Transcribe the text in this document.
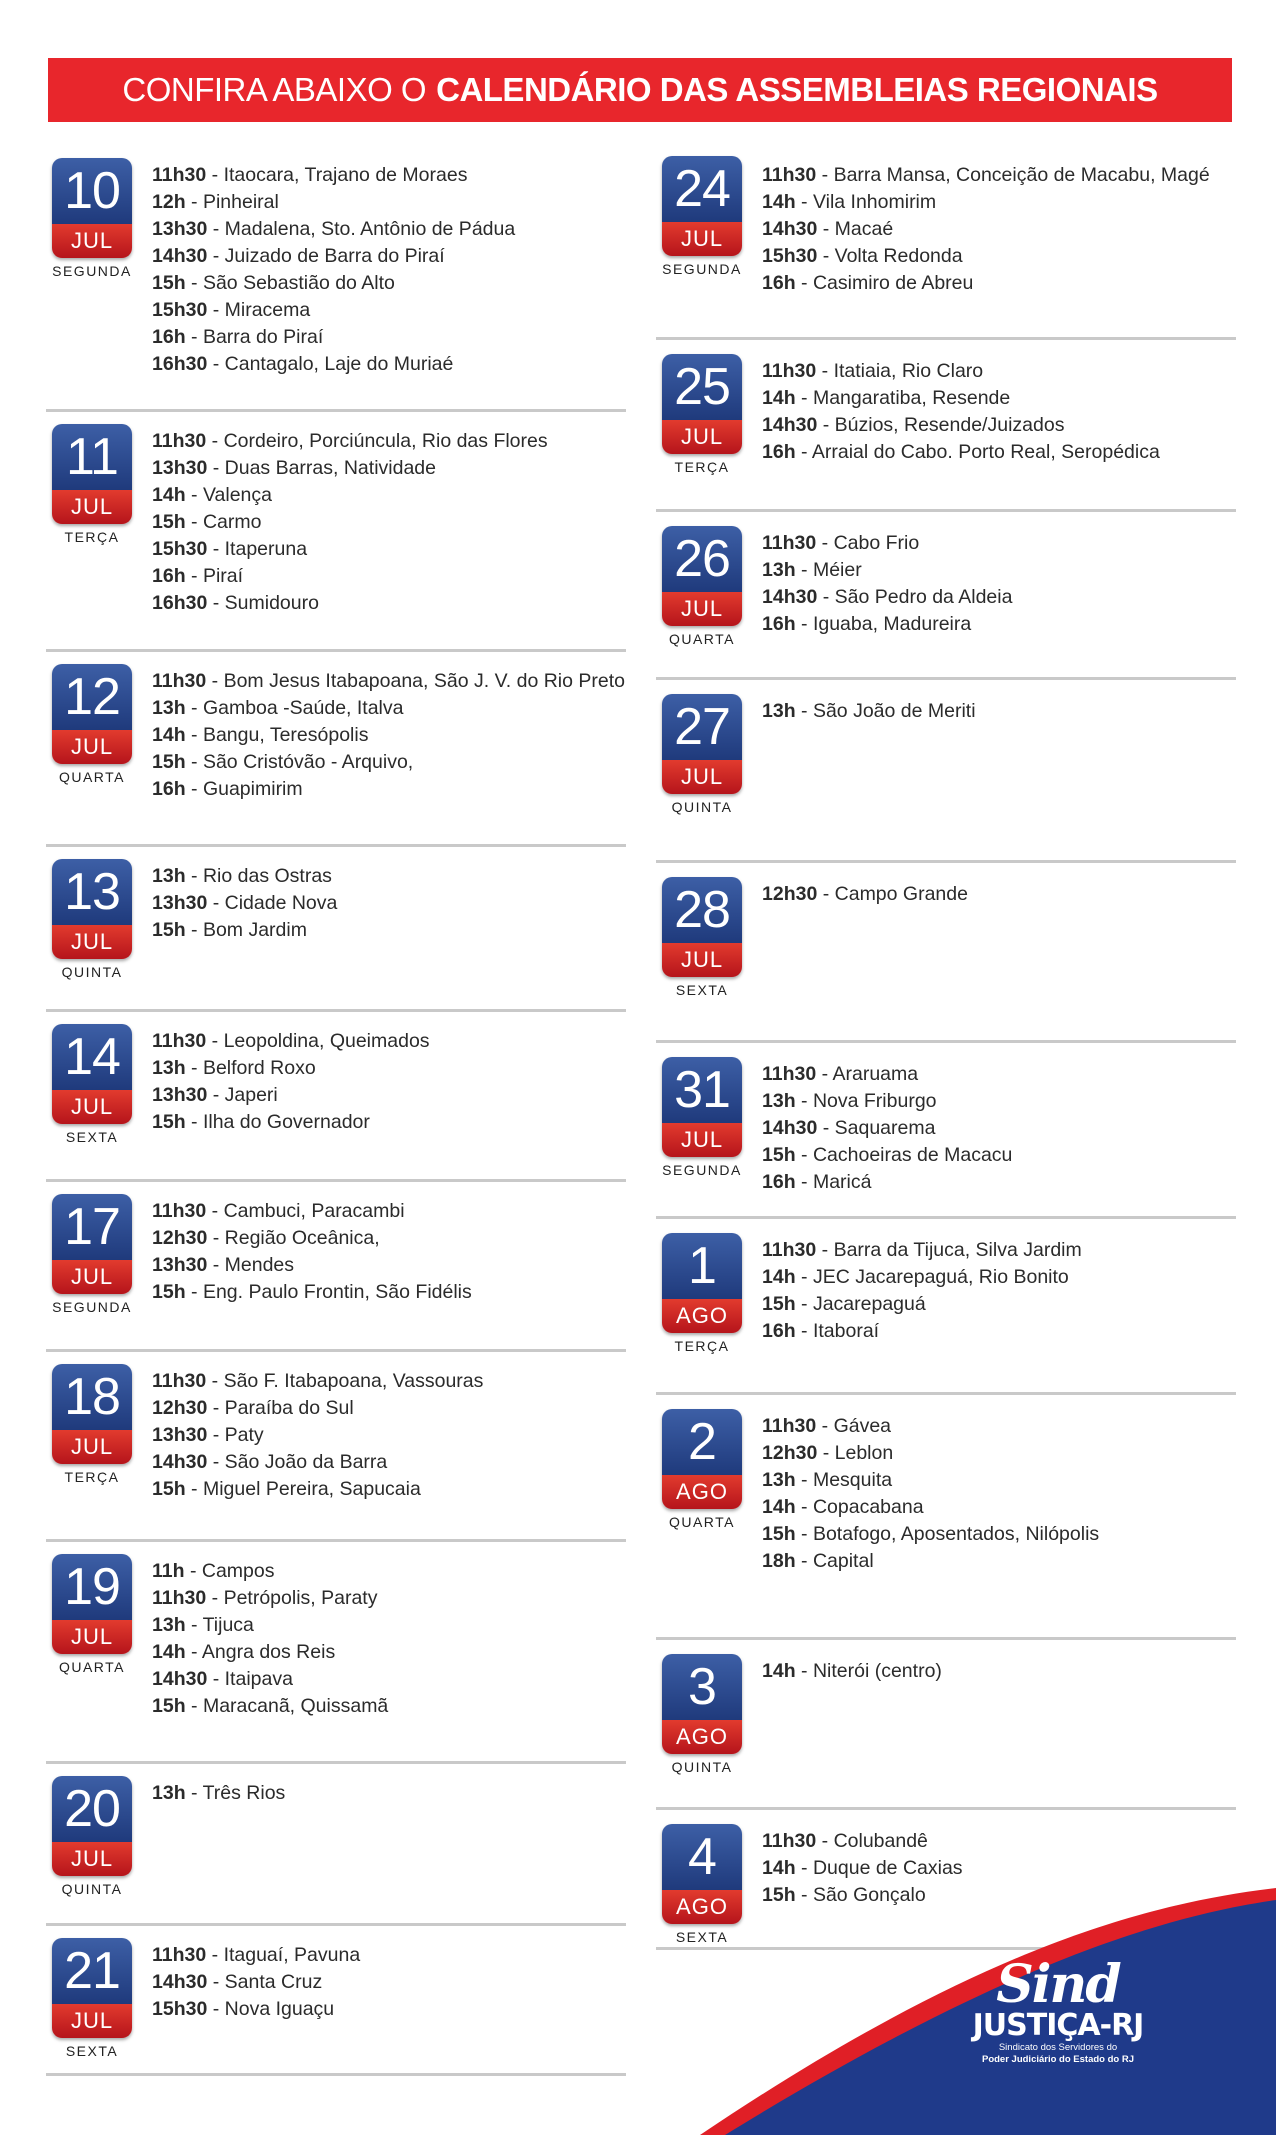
CONFIRA ABAIXO O CALENDÁRIO DAS ASSEMBLEIAS REGIONAIS
10
JUL
SEGUNDA
11h30 - Itaocara, Trajano de Moraes
12h - Pinheiral
13h30 - Madalena, Sto. Antônio de Pádua
14h30 - Juizado de Barra do Piraí
15h - São Sebastião do Alto
15h30 - Miracema
16h - Barra do Piraí
16h30 - Cantagalo, Laje do Muriaé
11
JUL
TERÇA
11h30 - Cordeiro, Porciúncula, Rio das Flores
13h30 - Duas Barras, Natividade
14h - Valença
15h - Carmo
15h30 - Itaperuna
16h - Piraí
16h30 - Sumidouro
12
JUL
QUARTA
11h30 - Bom Jesus Itabapoana, São J. V. do Rio Preto
13h - Gamboa -Saúde, Italva
14h - Bangu, Teresópolis
15h - São Cristóvão - Arquivo,
16h - Guapimirim
13
JUL
QUINTA
13h - Rio das Ostras
13h30 - Cidade Nova
15h - Bom Jardim
14
JUL
SEXTA
11h30 - Leopoldina, Queimados
13h - Belford Roxo
13h30 - Japeri
15h - Ilha do Governador
17
JUL
SEGUNDA
11h30 - Cambuci, Paracambi
12h30 - Região Oceânica,
13h30 - Mendes
15h - Eng. Paulo Frontin, São Fidélis
18
JUL
TERÇA
11h30 - São F. Itabapoana, Vassouras
12h30 - Paraíba do Sul
13h30 - Paty
14h30 - São João da Barra
15h - Miguel Pereira, Sapucaia
19
JUL
QUARTA
11h - Campos
11h30 - Petrópolis, Paraty
13h - Tijuca
14h - Angra dos Reis
14h30 - Itaipava
15h - Maracanã, Quissamã
20
JUL
QUINTA
13h - Três Rios
21
JUL
SEXTA
11h30 - Itaguaí, Pavuna
14h30 - Santa Cruz
15h30 - Nova Iguaçu
24
JUL
SEGUNDA
11h30 - Barra Mansa, Conceição de Macabu, Magé
14h - Vila Inhomirim
14h30 - Macaé
15h30 - Volta Redonda
16h - Casimiro de Abreu
25
JUL
TERÇA
11h30 - Itatiaia, Rio Claro
14h - Mangaratiba, Resende
14h30 - Búzios, Resende/Juizados
16h - Arraial do Cabo. Porto Real, Seropédica
26
JUL
QUARTA
11h30 - Cabo Frio
13h - Méier
14h30 - São Pedro da Aldeia
16h - Iguaba, Madureira
27
JUL
QUINTA
13h - São João de Meriti
28
JUL
SEXTA
12h30 - Campo Grande
31
JUL
SEGUNDA
11h30 - Araruama
13h - Nova Friburgo
14h30 - Saquarema
15h - Cachoeiras de Macacu
16h - Maricá
1
AGO
TERÇA
11h30 - Barra da Tijuca, Silva Jardim
14h - JEC Jacarepaguá, Rio Bonito
15h - Jacarepaguá
16h - Itaboraí
2
AGO
QUARTA
11h30 - Gávea
12h30 - Leblon
13h - Mesquita
14h - Copacabana
15h - Botafogo, Aposentados, Nilópolis
18h - Capital
3
AGO
QUINTA
14h - Niterói (centro)
4
AGO
SEXTA
11h30 - Colubandê
14h - Duque de Caxias
15h - São Gonçalo
Sind
JUSTIÇA-RJ
Sindicato dos Servidores do
Poder Judiciário do Estado do RJ
